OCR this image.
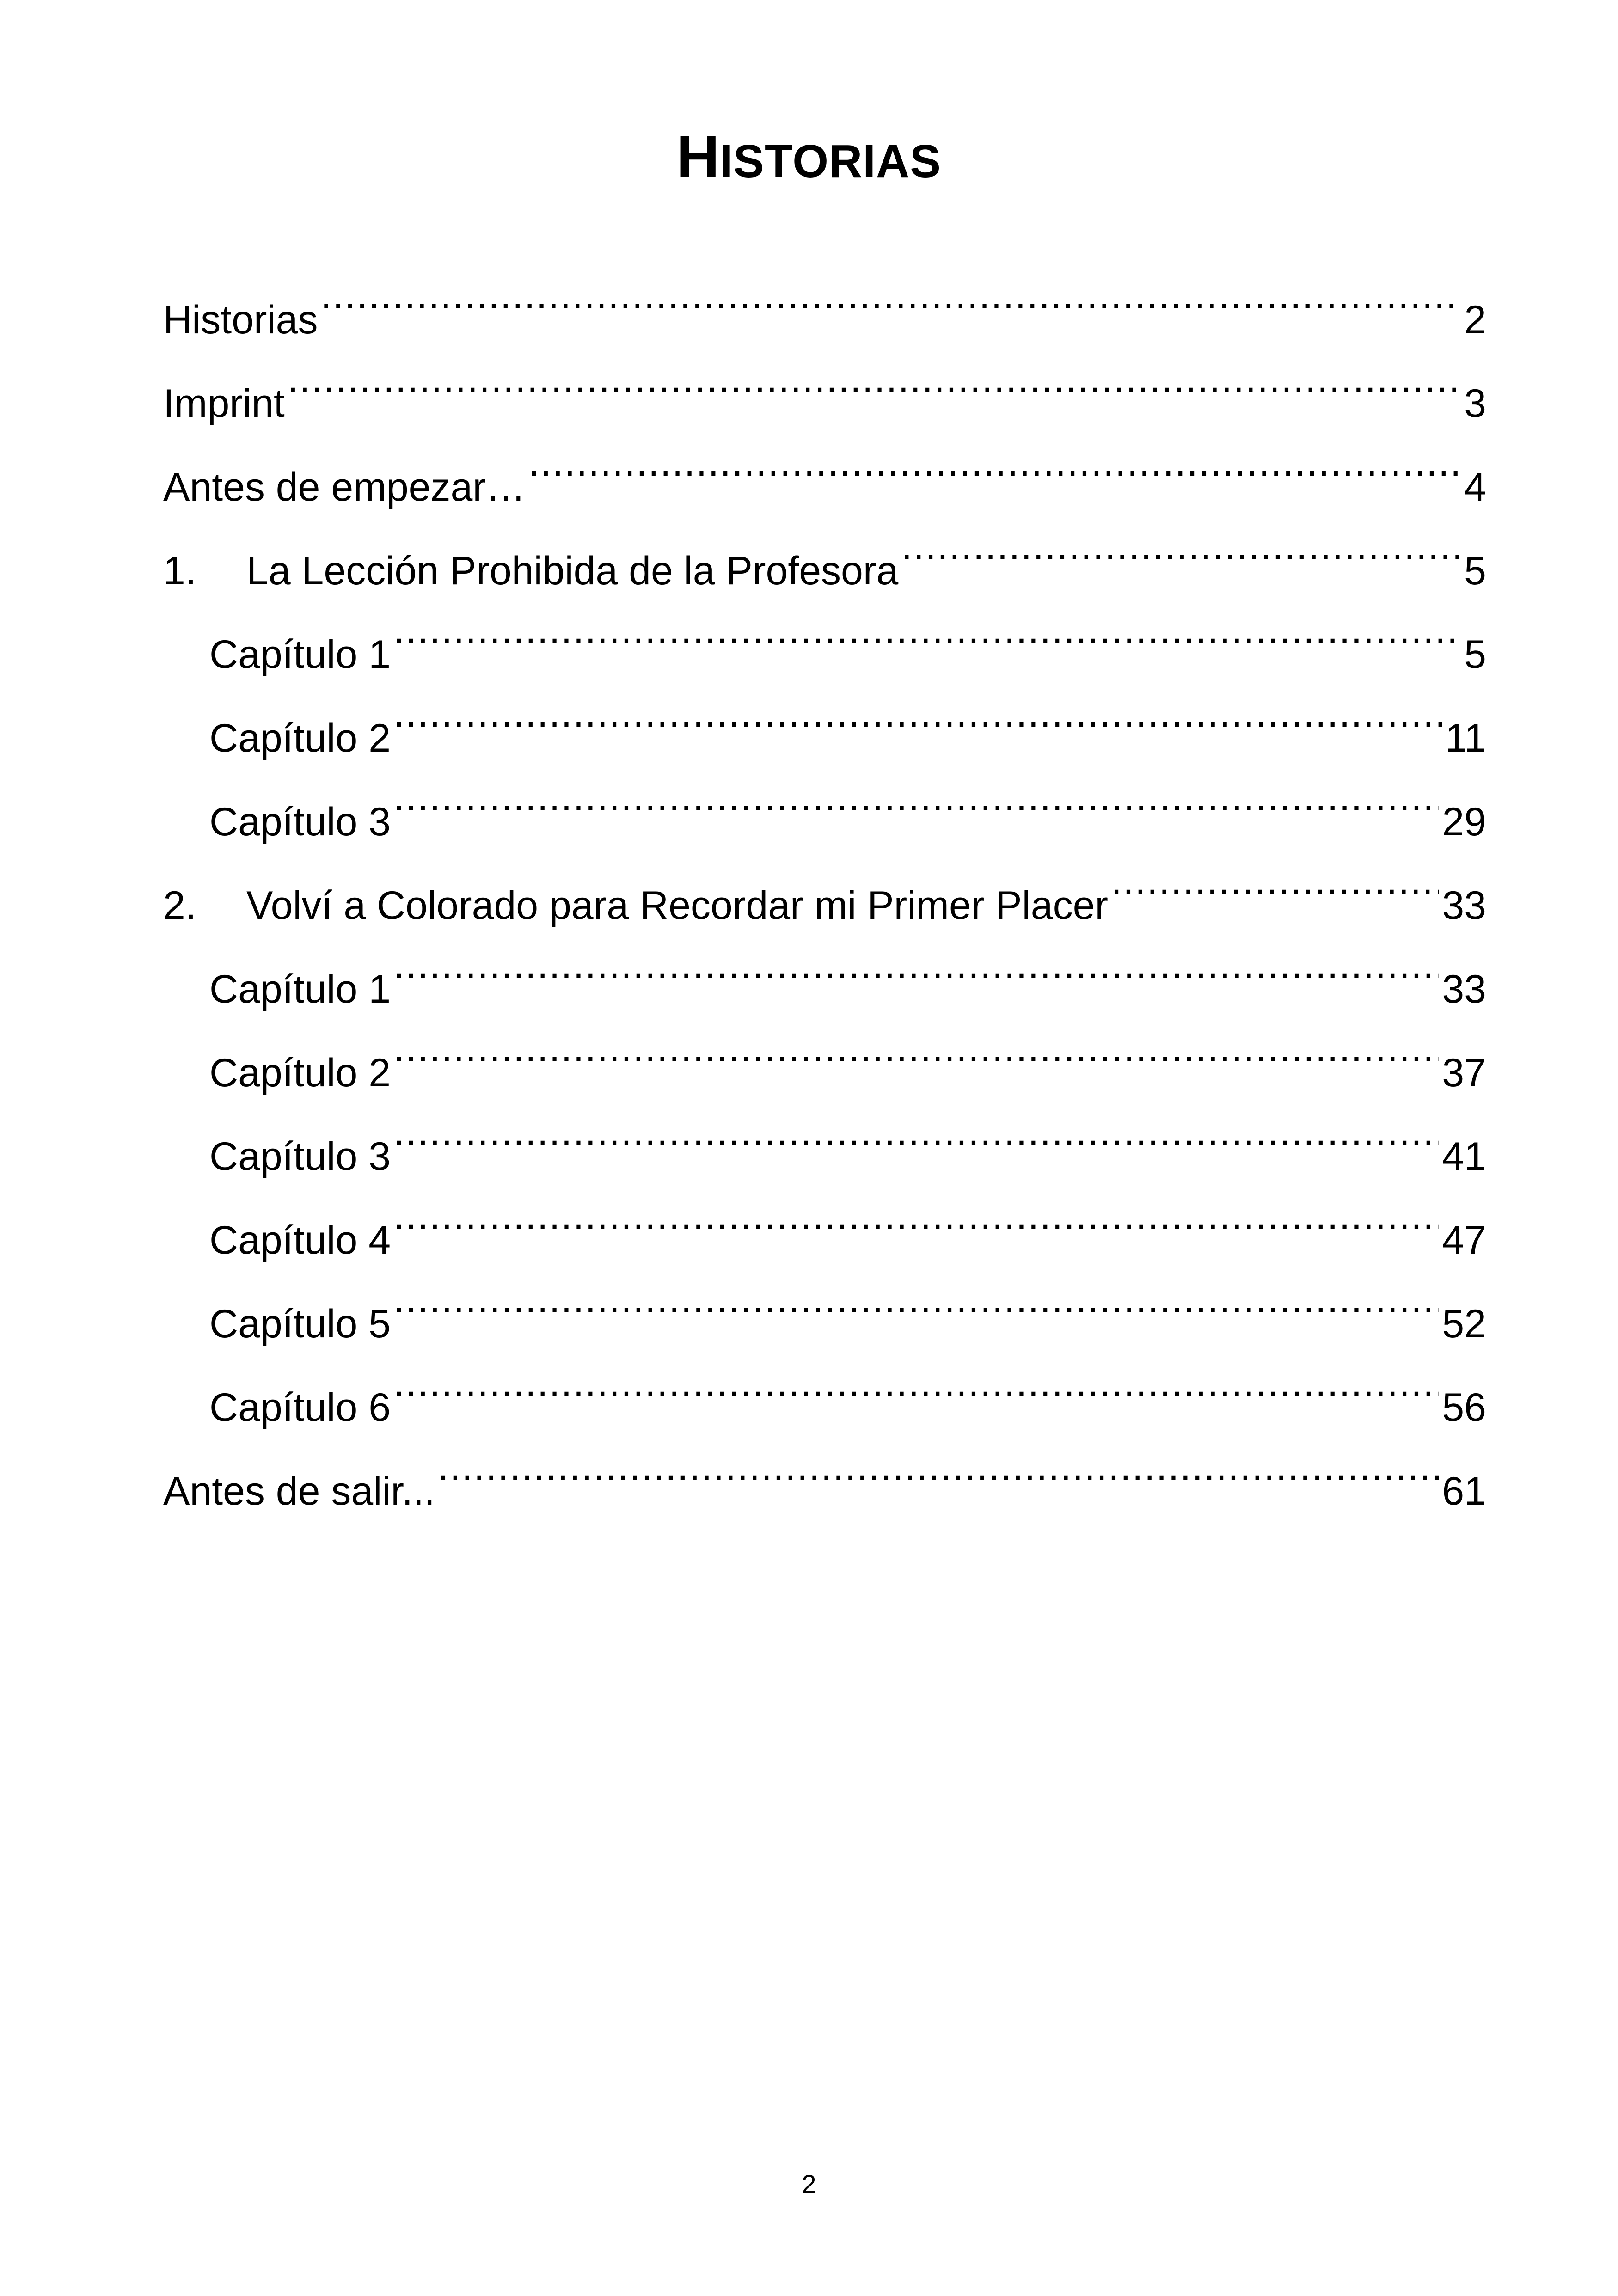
HISTORIAS
Historias .....	2
Imprint .....	3
Antes de empezar… .....	4
1.	La Lección Prohibida de la Profesora .....	5
Capítulo 1 .....	5
Capítulo 2 .....	11
Capítulo 3 .....	29
2.	Volví a Colorado para Recordar mi Primer Placer .....	33
Capítulo 1 .....	33
Capítulo 2 .....	37
Capítulo 3 .....	41
Capítulo 4 .....	47
Capítulo 5 .....	52
Capítulo 6 .....	56
Antes de salir... .....	61
2
